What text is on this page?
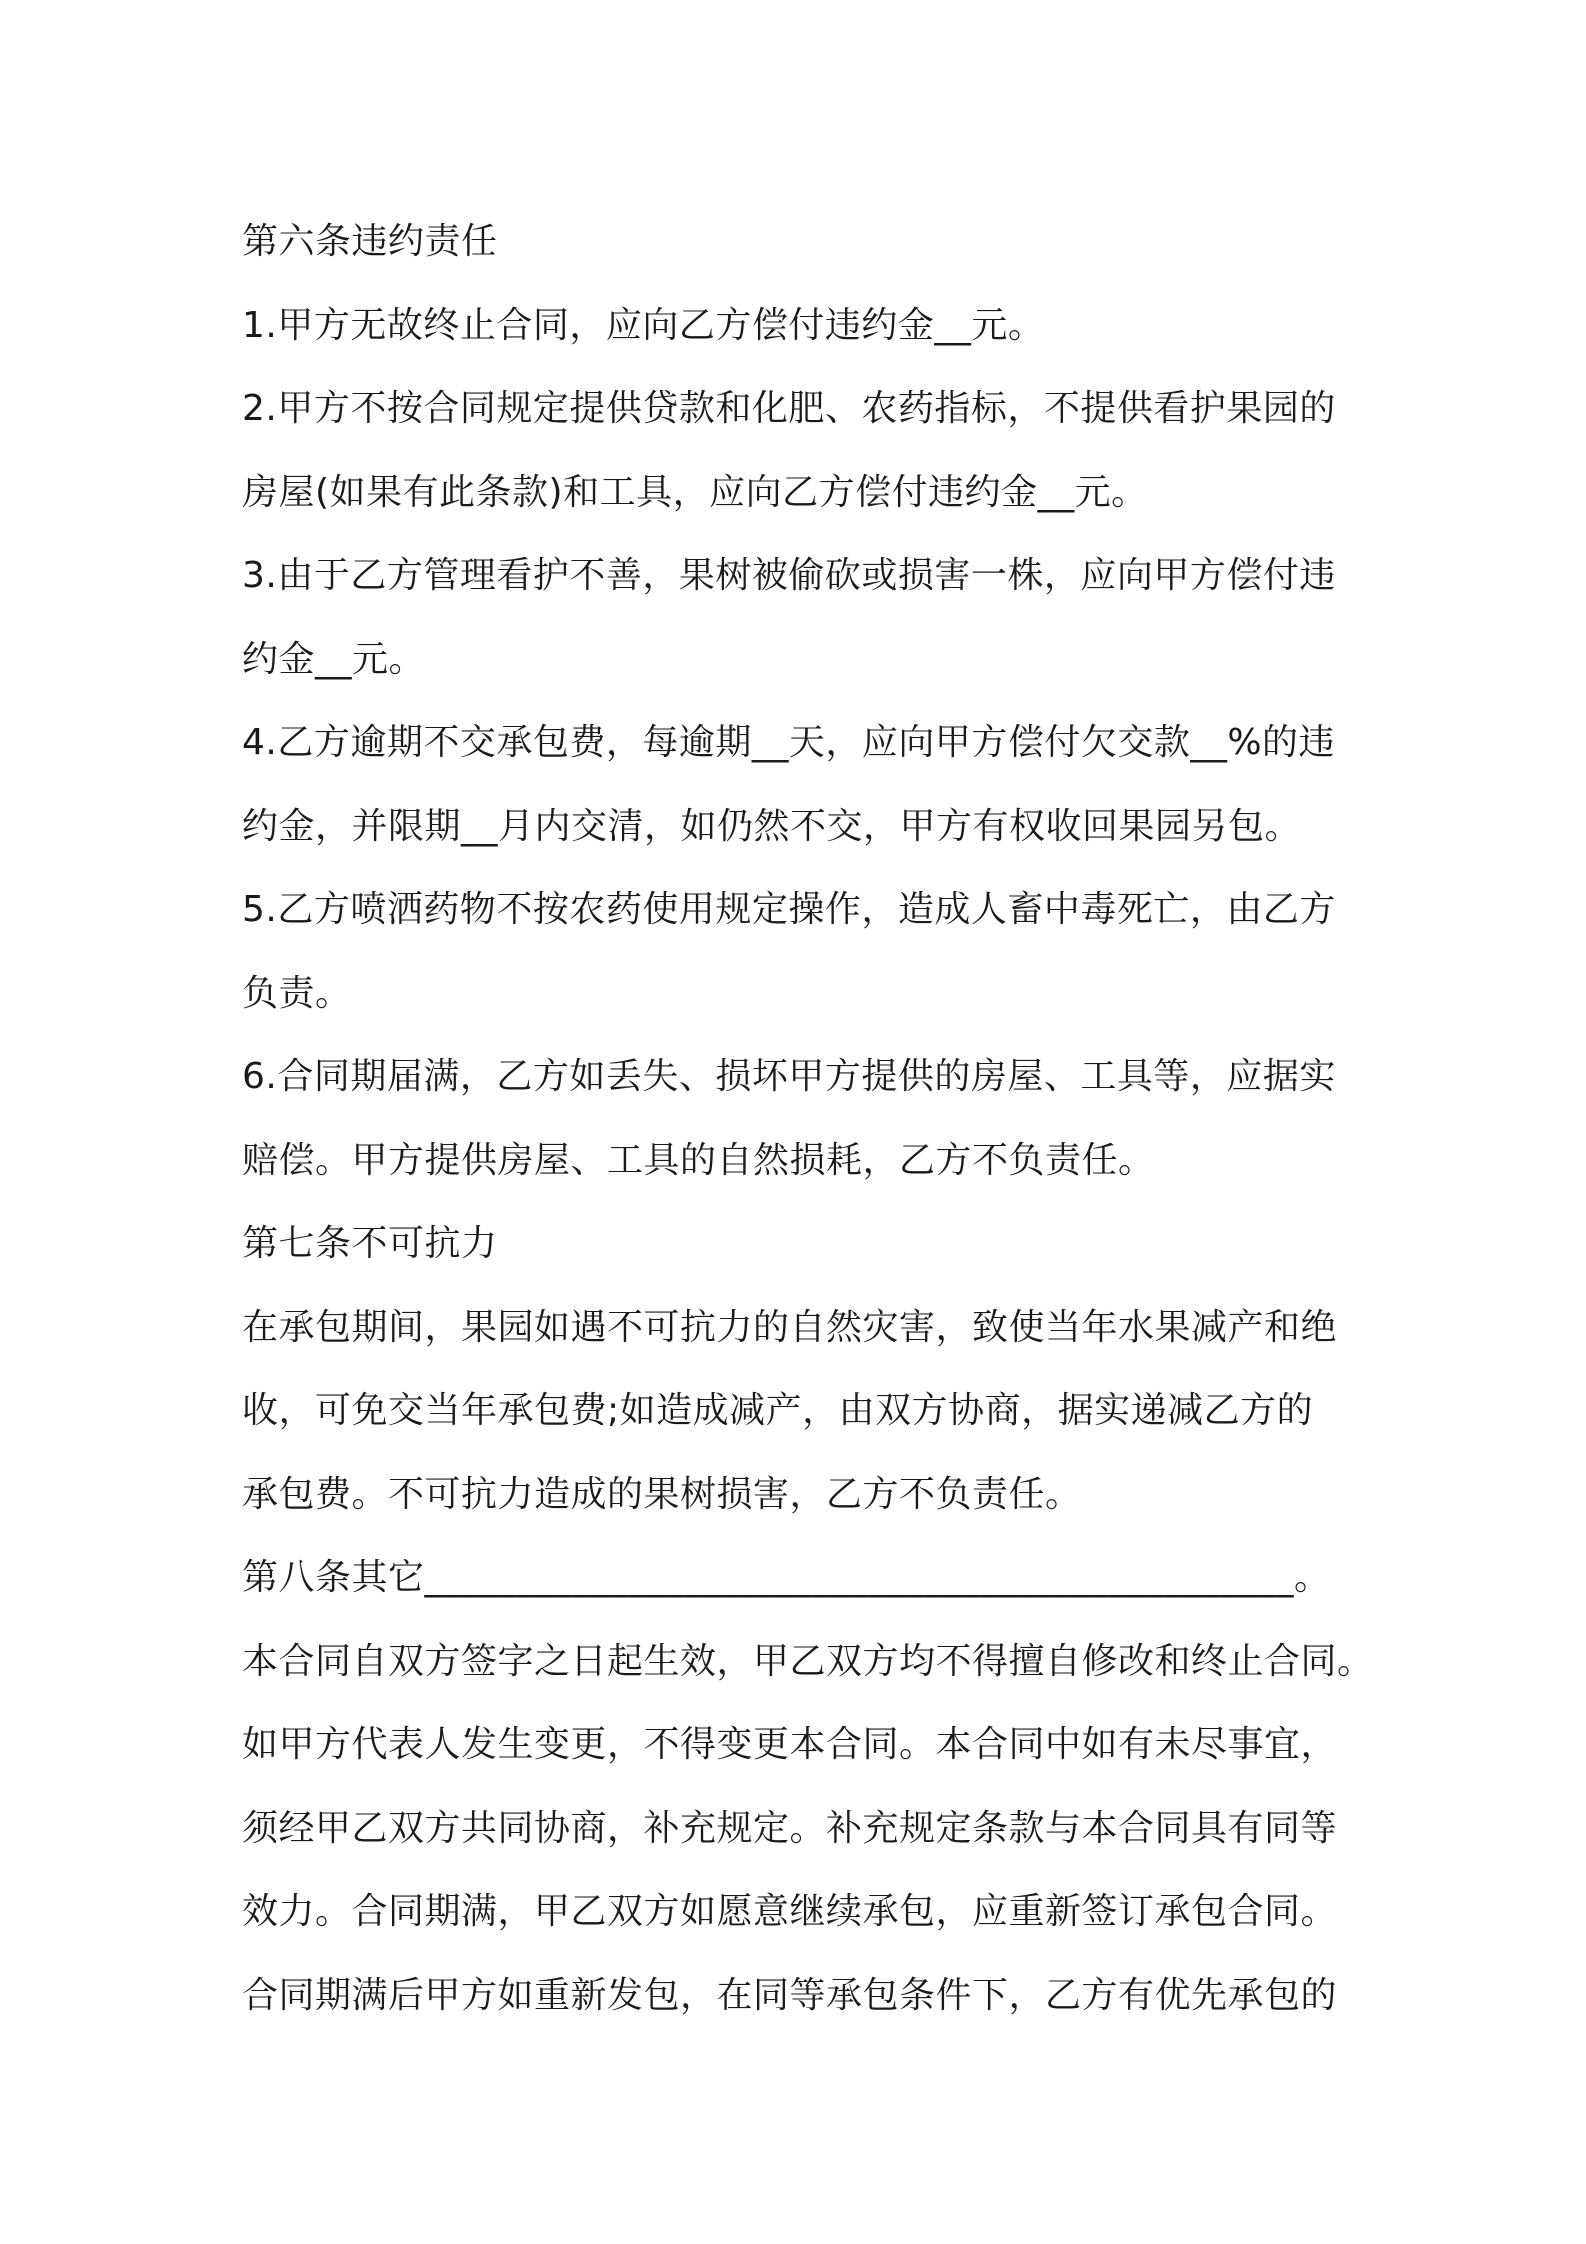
第六条违约责任
1.甲方无故终止合同，应向乙方偿付违约金__元。
2.甲方不按合同规定提供贷款和化肥、农药指标，不提供看护果园的
房屋(如果有此条款)和工具，应向乙方偿付违约金__元。
3.由于乙方管理看护不善，果树被偷砍或损害一株，应向甲方偿付违
约金__元。
4.乙方逾期不交承包费，每逾期__天，应向甲方偿付欠交款__%的违
约金，并限期__月内交清，如仍然不交，甲方有权收回果园另包。
5.乙方喷洒药物不按农药使用规定操作，造成人畜中毒死亡，由乙方
负责。
6.合同期届满，乙方如丢失、损坏甲方提供的房屋、工具等，应据实
赔偿。甲方提供房屋、工具的自然损耗，乙方不负责任。
第七条不可抗力
在承包期间，果园如遇不可抗力的自然灾害，致使当年水果减产和绝
收，可免交当年承包费;如造成减产，由双方协商，据实递减乙方的
承包费。不可抗力造成的果树损害，乙方不负责任。
第八条其它_______________________________________________。
本合同自双方签字之日起生效，甲乙双方均不得擅自修改和终止合同。
如甲方代表人发生变更，不得变更本合同。本合同中如有未尽事宜，
须经甲乙双方共同协商，补充规定。补充规定条款与本合同具有同等
效力。合同期满，甲乙双方如愿意继续承包，应重新签订承包合同。
合同期满后甲方如重新发包，在同等承包条件下，乙方有优先承包的
